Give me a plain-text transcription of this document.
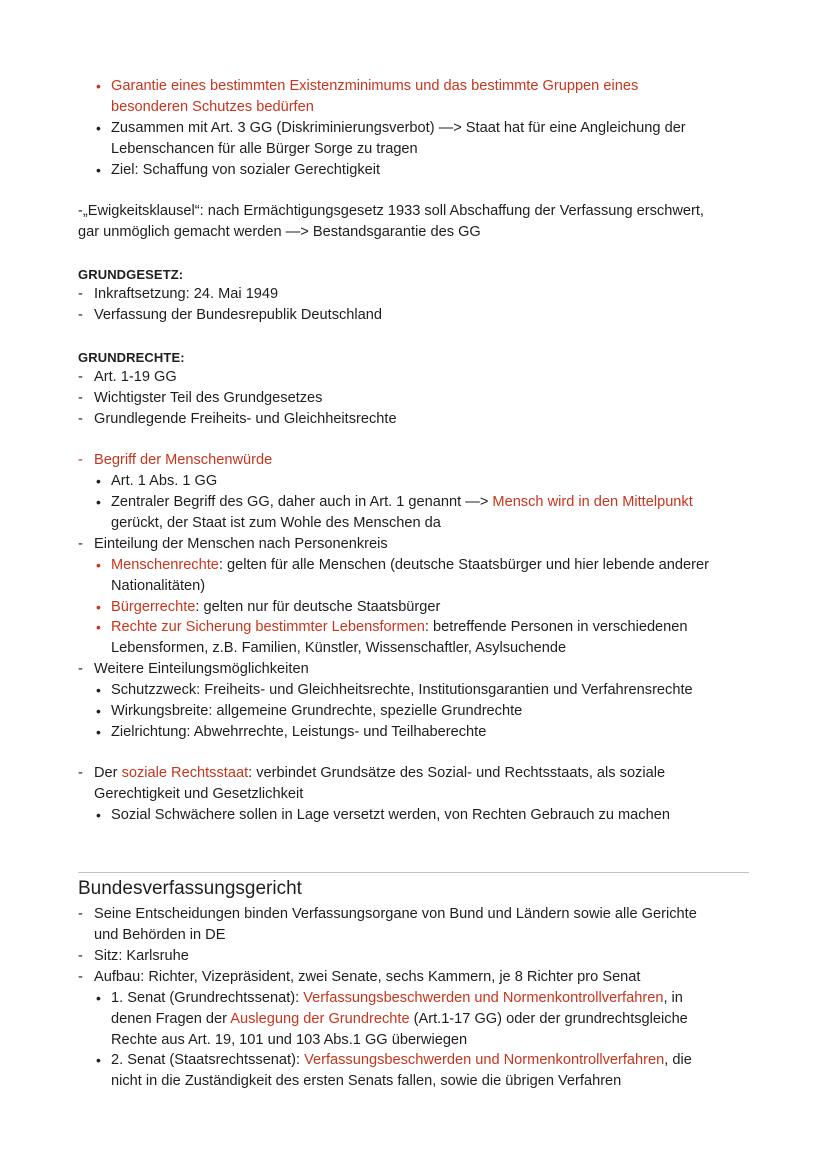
• Garantie eines bestimmten Existenzminimums und das bestimmte Gruppen eines
besonderen Schutzes bedürfen
• Zusammen mit Art. 3 GG (Diskriminierungsverbot) —> Staat hat für eine Angleichung der
Lebenschancen für alle Bürger Sorge zu tragen
• Ziel: Schaffung von sozialer Gerechtigkeit
-„Ewigkeitsklausel“: nach Ermächtigungsgesetz 1933 soll Abschaffung der Verfassung erschwert,
gar unmöglich gemacht werden —> Bestandsgarantie des GG
GRUNDGESETZ:
- Inkraftsetzung: 24. Mai 1949
- Verfassung der Bundesrepublik Deutschland
GRUNDRECHTE:
- Art. 1-19 GG
- Wichtigster Teil des Grundgesetzes
- Grundlegende Freiheits- und Gleichheitsrechte
- Begriff der Menschenwürde
• Art. 1 Abs. 1 GG
• Zentraler Begriff des GG, daher auch in Art. 1 genannt —> Mensch wird in den Mittelpunkt
gerückt, der Staat ist zum Wohle des Menschen da
- Einteilung der Menschen nach Personenkreis
• Menschenrechte: gelten für alle Menschen (deutsche Staatsbürger und hier lebende anderer
Nationalitäten)
• Bürgerrechte: gelten nur für deutsche Staatsbürger
• Rechte zur Sicherung bestimmter Lebensformen: betreffende Personen in verschiedenen
Lebensformen, z.B. Familien, Künstler, Wissenschaftler, Asylsuchende
- Weitere Einteilungsmöglichkeiten
• Schutzzweck: Freiheits- und Gleichheitsrechte, Institutionsgarantien und Verfahrensrechte
• Wirkungsbreite: allgemeine Grundrechte, spezielle Grundrechte
• Zielrichtung: Abwehrrechte, Leistungs- und Teilhaberechte
- Der soziale Rechtsstaat: verbindet Grundsätze des Sozial- und Rechtsstaats, als soziale
Gerechtigkeit und Gesetzlichkeit
• Sozial Schwächere sollen in Lage versetzt werden, von Rechten Gebrauch zu machen
Bundesverfassungsgericht
- Seine Entscheidungen binden Verfassungsorgane von Bund und Ländern sowie alle Gerichte
und Behörden in DE
- Sitz: Karlsruhe
- Aufbau: Richter, Vizepräsident, zwei Senate, sechs Kammern, je 8 Richter pro Senat
• 1. Senat (Grundrechtssenat): Verfassungsbeschwerden und Normenkontrollverfahren, in
denen Fragen der Auslegung der Grundrechte (Art.1-17 GG) oder der grundrechtsgleiche
Rechte aus Art. 19, 101 und 103 Abs.1 GG überwiegen
• 2. Senat (Staatsrechtssenat): Verfassungsbeschwerden und Normenkontrollverfahren, die
nicht in die Zuständigkeit des ersten Senats fallen, sowie die übrigen Verfahren
